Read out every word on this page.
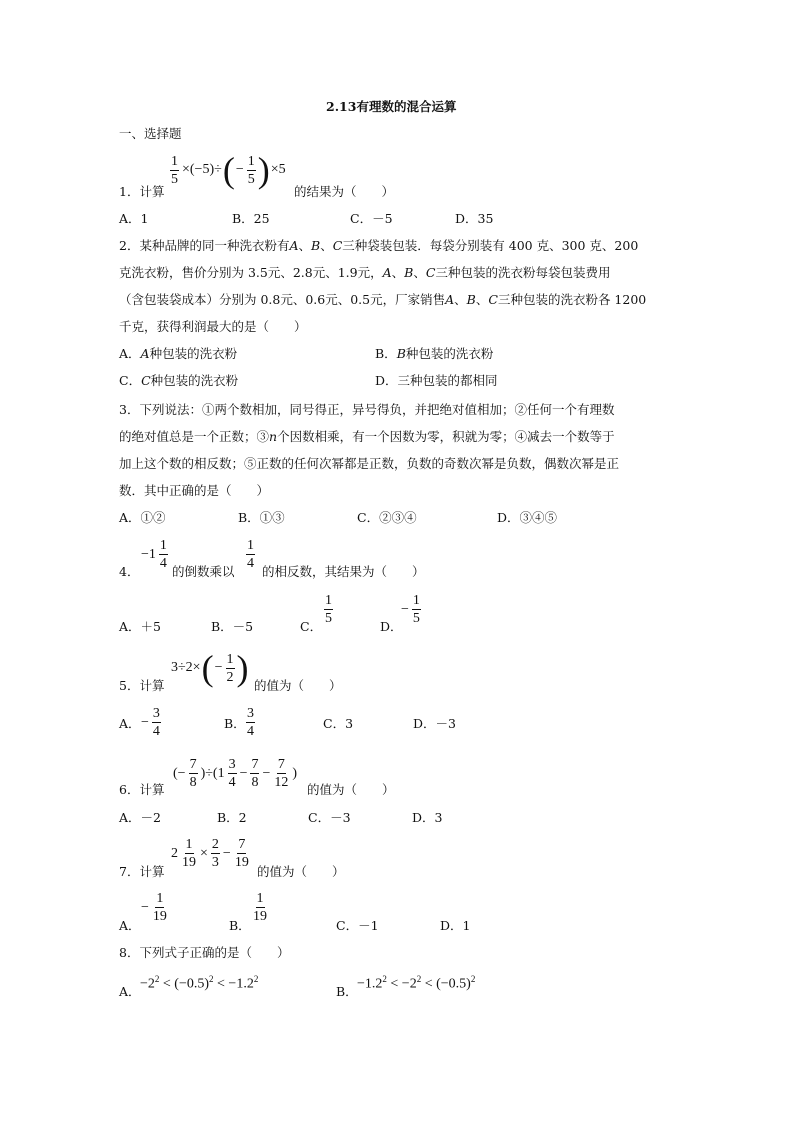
2.13有理数的混合运算
一、选择题
$\frac{1}{5} \times(-5)\div(- \frac{1}{5} )\times 5$
1．计算	的结果为（　　）
A．1	B．25	C．－5	D．35
2．某种品牌的同一种洗衣粉有A、B、C三种袋装包装．每袋分别装有 400 克、300 克、200
克洗衣粉，售价分别为 3.5元、2.8元、1.9元，A、B、C三种包装的洗衣粉每袋包装费用
（含包装袋成本）分别为 0.8元、0.6元、0.5元，厂家销售A、B、C三种包装的洗衣粉各 1200
千克，获得利润最大的是（　　）
A．A种包装的洗衣粉	B．B种包装的洗衣粉
C．C种包装的洗衣粉	D．三种包装的都相同
3．下列说法：①两个数相加，同号得正，异号得负，并把绝对值相加；②任何一个有理数
的绝对值总是一个正数；③n个因数相乘，有一个因数为零，积就为零；④减去一个数等于
加上这个数的相反数；⑤正数的任何次幂都是正数，负数的奇数次幂是负数，偶数次幂是正
数．其中正确的是（　　）
A．①②	B．①③	C．②③④	D．③④⑤
$-1 \frac{1}{4}$	$\frac{1}{4}$
4．	的倒数乘以 的相反数，其结果为（　　）
A．＋5	B．－5	C． $\frac{1}{5}$	D．
− $\frac{1}{5}$
$3\div 2\times(- \frac{1}{2}$ )
5．计算	的值为（　　）
A． − $\frac{3}{4}$	B． $\frac{3}{4}$	C．3	D．－3
(− $\frac{7}{8} )\div(1 \frac{3}{4} - \frac{7}{8} - \frac{7}{12}$ )
6．计算	的值为（　　）
A．－2	B．2	C．－3	D．3
$2 \frac{1}{19} \times \frac{2}{3} - \frac{7}{19}$
7．计算	的值为（　　）
A．
− $\frac{1}{19}$
B．
$\frac{1}{19}$
C．－1	D．1
8．下列式子正确的是（　　）
A． $-2^2 < (-0.5)^2 < -1.2^2$
B． $-1.2^2 < -2^2 < (-0.5)^2$
